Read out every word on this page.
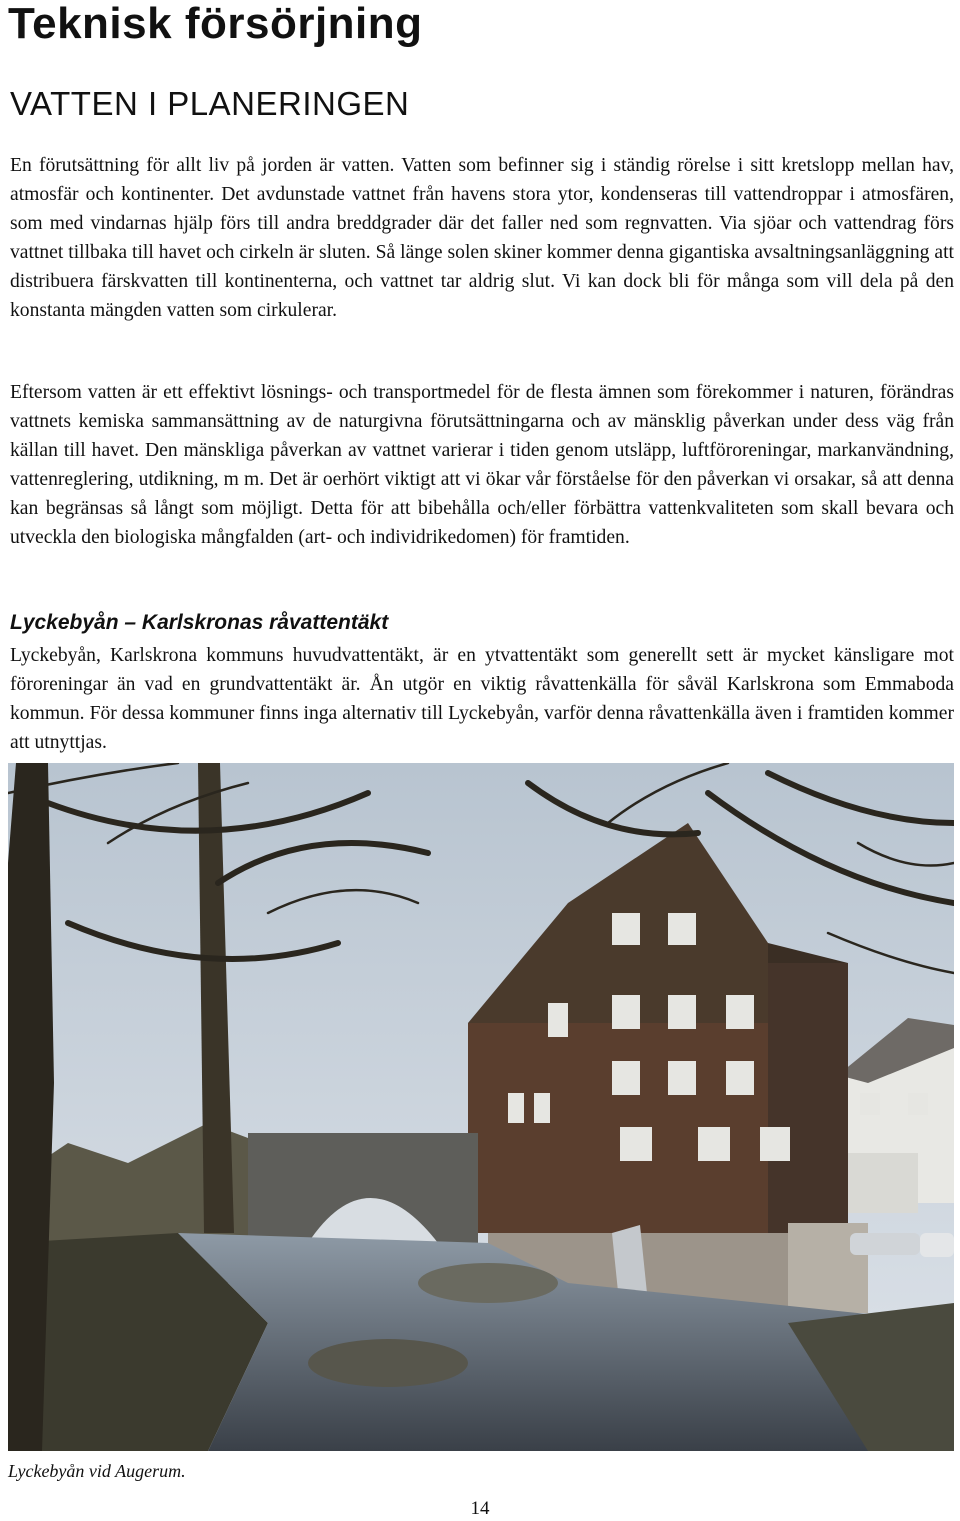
Teknisk försörjning
VATTEN I PLANERINGEN

En förutsättning för allt liv på jorden är vatten. Vatten som befinner sig i ständig rörelse i sitt kretslopp mellan hav, atmosfär och kontinenter. Det avdunstade vattnet från havens stora ytor, kondenseras till vattendroppar i atmosfären, som med vindarnas hjälp förs till andra breddgrader där det faller ned som regnvatten. Via sjöar och vattendrag förs vattnet tillbaka till havet och cirkeln är sluten. Så länge solen skiner kommer denna gigantiska avsaltningsanläggning att distribuera färskvatten till kontinenterna, och vattnet tar aldrig slut. Vi kan dock bli för många som vill dela på den konstanta mängden vatten som cirkulerar.

Eftersom vatten är ett effektivt lösnings- och transportmedel för de flesta ämnen som förekommer i naturen, förändras vattnets kemiska sammansättning av de naturgivna förutsättningarna och av mänsklig påverkan under dess väg från källan till havet. Den mänskliga påverkan av vattnet varierar i tiden genom utsläpp, luftföroreningar, markanvändning, vattenreglering, utdikning, m m. Det är oerhört viktigt att vi ökar vår förståelse för den påverkan vi orsakar, så att denna kan begränsas så långt som möjligt. Detta för att bibehålla och/eller förbättra vattenkvaliteten som skall bevara och utveckla den biologiska mångfalden (art- och individrikedomen) för framtiden.

Lyckebyån – Karlskronas råvattentäkt

Lyckebyån, Karlskrona kommuns huvudvattentäkt, är en ytvattentäkt som generellt sett är mycket känsligare mot föroreningar än vad en grundvattentäkt är. Ån utgör en viktig råvattenkälla för såväl Karlskrona som Emmaboda kommun. För dessa kommuner finns inga alternativ till Lyckebyån, varför denna råvattenkälla även i framtiden kommer att utnyttjas.

Lyckebyån vid Augerum.

14
